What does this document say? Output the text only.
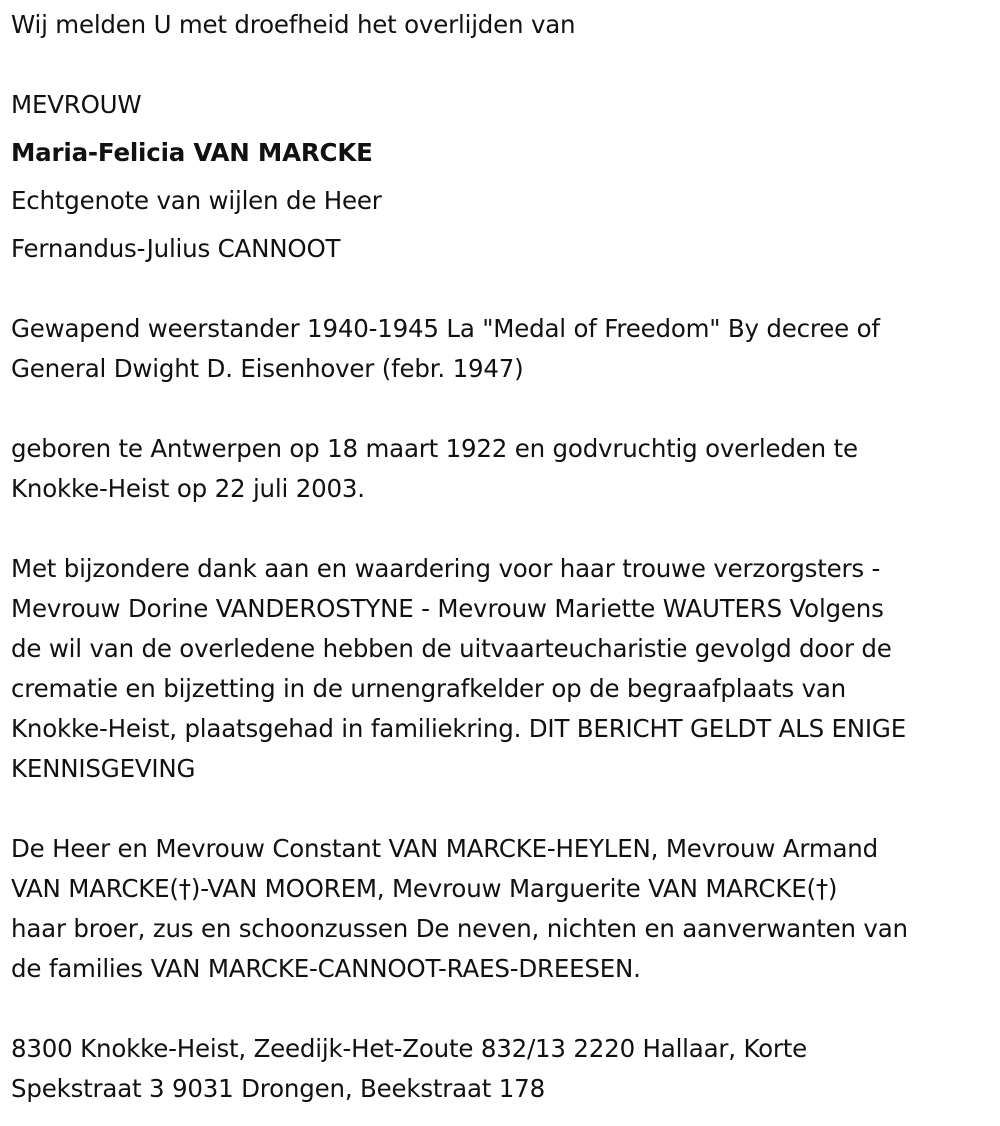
Wij melden U met droefheid het overlijden van
MEVROUW
Maria-Felicia VAN MARCKE
Echtgenote van wijlen de Heer
Fernandus-Julius CANNOOT
Gewapend weerstander 1940-1945 La "Medal of Freedom" By decree of
General Dwight D. Eisenhover (febr. 1947)
geboren te Antwerpen op 18 maart 1922 en godvruchtig overleden te
Knokke-Heist op 22 juli 2003.
Met bijzondere dank aan en waardering voor haar trouwe verzorgsters -
Mevrouw Dorine VANDEROSTYNE - Mevrouw Mariette WAUTERS Volgens
de wil van de overledene hebben de uitvaarteucharistie gevolgd door de
crematie en bijzetting in de urnengrafkelder op de begraafplaats van
Knokke-Heist, plaatsgehad in familiekring. DIT BERICHT GELDT ALS ENIGE
KENNISGEVING
De Heer en Mevrouw Constant VAN MARCKE-HEYLEN, Mevrouw Armand
VAN MARCKE(†)-VAN MOOREM, Mevrouw Marguerite VAN MARCKE(†)
haar broer, zus en schoonzussen De neven, nichten en aanverwanten van
de families VAN MARCKE-CANNOOT-RAES-DREESEN.
8300 Knokke-Heist, Zeedijk-Het-Zoute 832/13 2220 Hallaar, Korte
Spekstraat 3 9031 Drongen, Beekstraat 178
